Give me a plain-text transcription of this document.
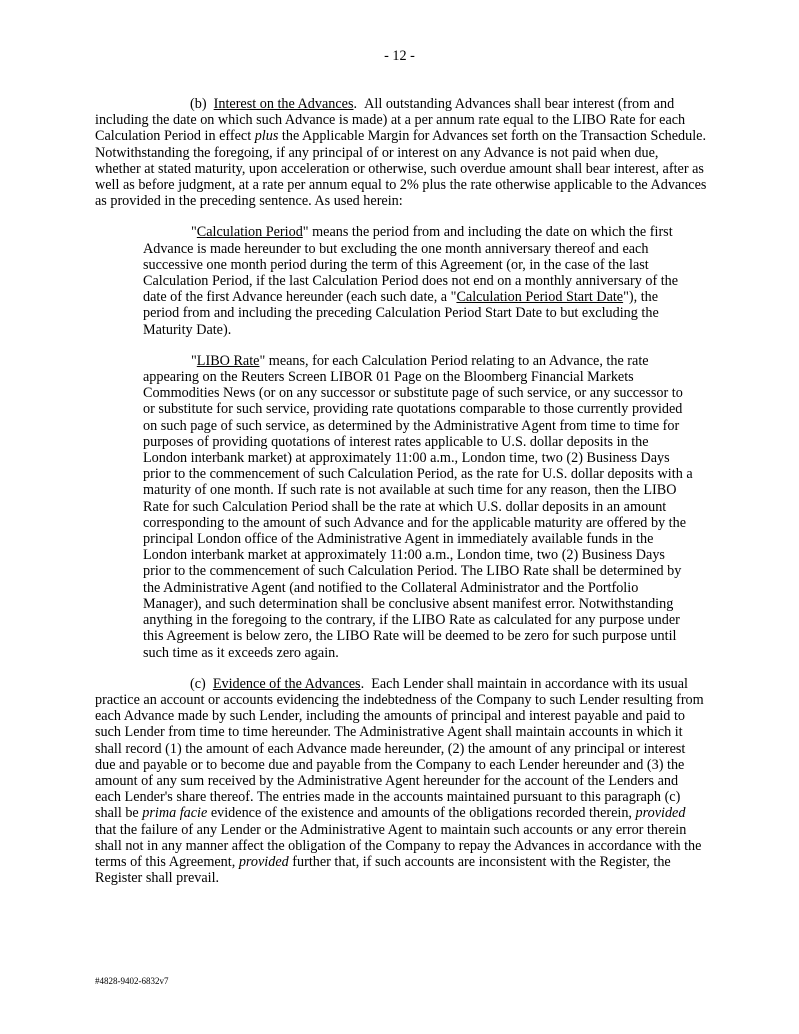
- 12 -

(b) Interest on the Advances. All outstanding Advances shall bear interest (from and including the date on which such Advance is made) at a per annum rate equal to the LIBO Rate for each Calculation Period in effect plus the Applicable Margin for Advances set forth on the Transaction Schedule. Notwithstanding the foregoing, if any principal of or interest on any Advance is not paid when due, whether at stated maturity, upon acceleration or otherwise, such overdue amount shall bear interest, after as well as before judgment, at a rate per annum equal to 2% plus the rate otherwise applicable to the Advances as provided in the preceding sentence. As used herein:

"Calculation Period" means the period from and including the date on which the first Advance is made hereunder to but excluding the one month anniversary thereof and each successive one month period during the term of this Agreement (or, in the case of the last Calculation Period, if the last Calculation Period does not end on a monthly anniversary of the date of the first Advance hereunder (each such date, a "Calculation Period Start Date"), the period from and including the preceding Calculation Period Start Date to but excluding the Maturity Date).

"LIBO Rate" means, for each Calculation Period relating to an Advance, the rate appearing on the Reuters Screen LIBOR 01 Page on the Bloomberg Financial Markets Commodities News (or on any successor or substitute page of such service, or any successor to or substitute for such service, providing rate quotations comparable to those currently provided on such page of such service, as determined by the Administrative Agent from time to time for purposes of providing quotations of interest rates applicable to U.S. dollar deposits in the London interbank market) at approximately 11:00 a.m., London time, two (2) Business Days prior to the commencement of such Calculation Period, as the rate for U.S. dollar deposits with a maturity of one month. If such rate is not available at such time for any reason, then the LIBO Rate for such Calculation Period shall be the rate at which U.S. dollar deposits in an amount corresponding to the amount of such Advance and for the applicable maturity are offered by the principal London office of the Administrative Agent in immediately available funds in the London interbank market at approximately 11:00 a.m., London time, two (2) Business Days prior to the commencement of such Calculation Period. The LIBO Rate shall be determined by the Administrative Agent (and notified to the Collateral Administrator and the Portfolio Manager), and such determination shall be conclusive absent manifest error. Notwithstanding anything in the foregoing to the contrary, if the LIBO Rate as calculated for any purpose under this Agreement is below zero, the LIBO Rate will be deemed to be zero for such purpose until such time as it exceeds zero again.

(c) Evidence of the Advances. Each Lender shall maintain in accordance with its usual practice an account or accounts evidencing the indebtedness of the Company to such Lender resulting from each Advance made by such Lender, including the amounts of principal and interest payable and paid to such Lender from time to time hereunder. The Administrative Agent shall maintain accounts in which it shall record (1) the amount of each Advance made hereunder, (2) the amount of any principal or interest due and payable or to become due and payable from the Company to each Lender hereunder and (3) the amount of any sum received by the Administrative Agent hereunder for the account of the Lenders and each Lender's share thereof. The entries made in the accounts maintained pursuant to this paragraph (c) shall be prima facie evidence of the existence and amounts of the obligations recorded therein, provided that the failure of any Lender or the Administrative Agent to maintain such accounts or any error therein shall not in any manner affect the obligation of the Company to repay the Advances in accordance with the terms of this Agreement, provided further that, if such accounts are inconsistent with the Register, the Register shall prevail.

#4828-9402-6832v7
